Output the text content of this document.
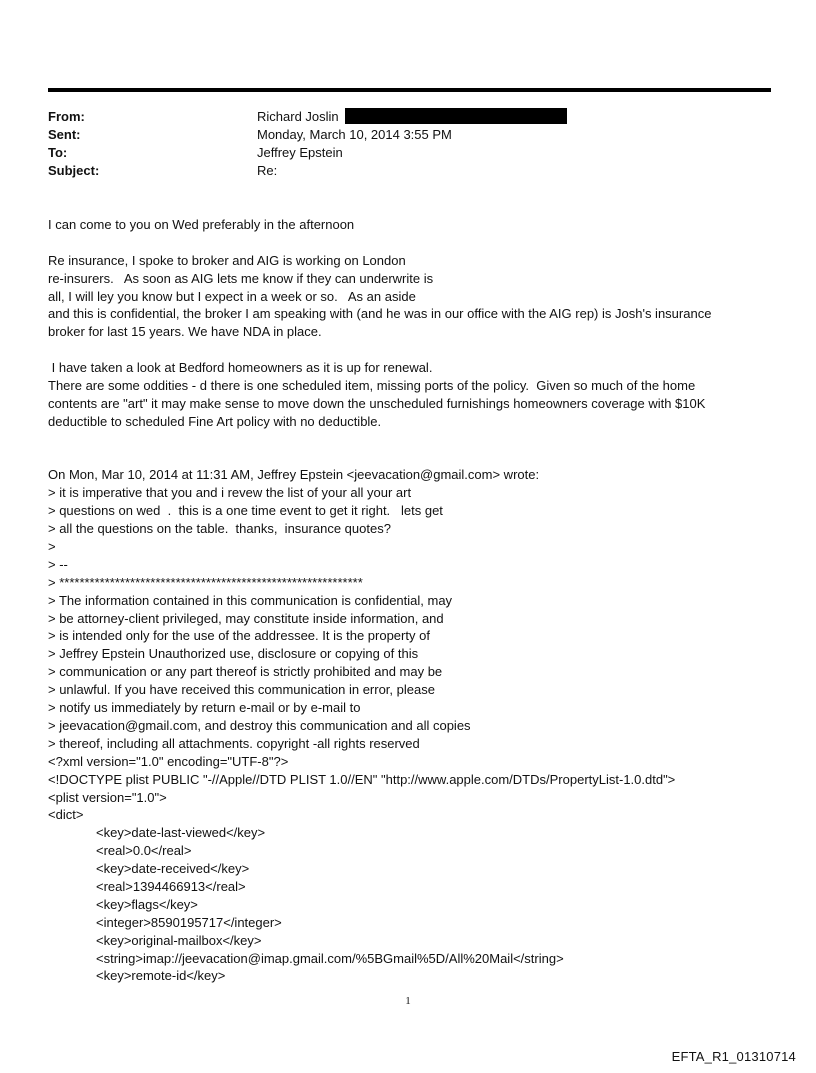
From:	Richard Joslin
Sent:	Monday, March 10, 2014 3:55 PM
To:	Jeffrey Epstein
Subject:	Re:
I can come to you on Wed preferably in the afternoon
Re insurance, I spoke to broker and AIG is working on London
re-insurers.   As soon as AIG lets me know if they can underwrite is
all, I will ley you know but I expect in a week or so.   As an aside
and this is confidential, the broker I am speaking with (and he was in our office with the AIG rep) is Josh's insurance
broker for last 15 years. We have NDA in place.
I have taken a look at Bedford homeowners as it is up for renewal.
There are some oddities - d there is one scheduled item, missing ports of the policy.  Given so much of the home
contents are "art" it may make sense to move down the unscheduled furnishings homeowners coverage with $10K
deductible to scheduled Fine Art policy with no deductible.
On Mon, Mar 10, 2014 at 11:31 AM, Jeffrey Epstein <jeevacation@gmail.com> wrote:
> it is imperative that you and i revew the list of your all your art
> questions on wed  .  this is a one time event to get it right.   lets get
> all the questions on the table.  thanks,  insurance quotes?
>
> --
> ************************************************************
> The information contained in this communication is confidential, may
> be attorney-client privileged, may constitute inside information, and
> is intended only for the use of the addressee. It is the property of
> Jeffrey Epstein Unauthorized use, disclosure or copying of this
> communication or any part thereof is strictly prohibited and may be
> unlawful. If you have received this communication in error, please
> notify us immediately by return e-mail or by e-mail to
> jeevacation@gmail.com, and destroy this communication and all copies
> thereof, including all attachments. copyright -all rights reserved
<?xml version="1.0" encoding="UTF-8"?>
<!DOCTYPE plist PUBLIC "-//Apple//DTD PLIST 1.0//EN" "http://www.apple.com/DTDs/PropertyList-1.0.dtd">
<plist version="1.0">
<dict>
<key>date-last-viewed</key>
<real>0.0</real>
<key>date-received</key>
<real>1394466913</real>
<key>flags</key>
<integer>8590195717</integer>
<key>original-mailbox</key>
<string>imap://jeevacation@imap.gmail.com/%5BGmail%5D/All%20Mail</string>
<key>remote-id</key>
1
EFTA_R1_01310714
